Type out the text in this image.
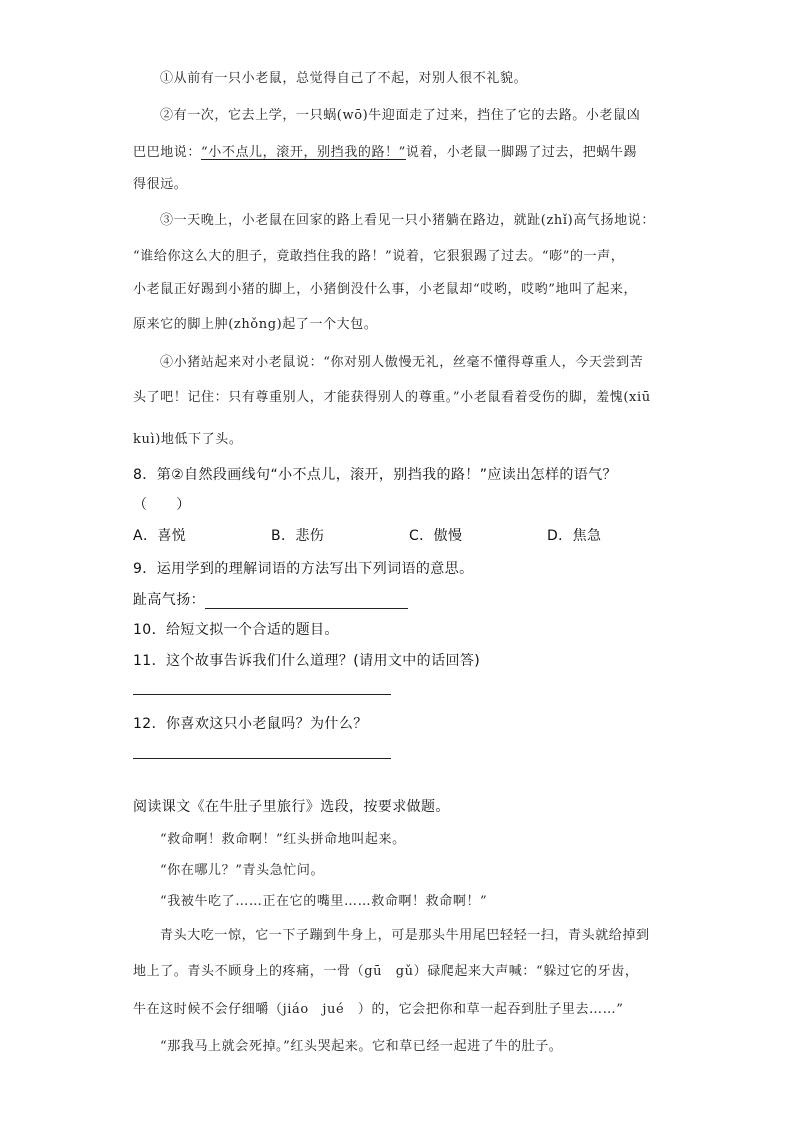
①从前有一只小老鼠，总觉得自己了不起，对别人很不礼貌。
②有一次，它去上学，一只蜗(wō)牛迎面走了过来，挡住了它的去路。小老鼠凶
巴巴地说：“小不点儿，滚开，别挡我的路！”说着，小老鼠一脚踢了过去，把蜗牛踢
得很远。
③一天晚上，小老鼠在回家的路上看见一只小猪躺在路边，就趾(zhǐ)高气扬地说：
“谁给你这么大的胆子，竟敢挡住我的路！”说着，它狠狠踢了过去。“嘭”的一声，
小老鼠正好踢到小猪的脚上，小猪倒没什么事，小老鼠却“哎哟，哎哟”地叫了起来，
原来它的脚上肿(zhǒng)起了一个大包。
④小猪站起来对小老鼠说：“你对别人傲慢无礼，丝毫不懂得尊重人，今天尝到苦
头了吧！记住：只有尊重别人，才能获得别人的尊重。”小老鼠看着受伤的脚，羞愧(xiū
kuì)地低下了头。
8．第②自然段画线句“小不点儿，滚开，别挡我的路！”应读出怎样的语气？
（　　）
A．喜悦	B．悲伤	C．傲慢	D．焦急
9．运用学到的理解词语的方法写出下列词语的意思。
趾高气扬：
10．给短文拟一个合适的题目。
11．这个故事告诉我们什么道理？(请用文中的话回答)
12．你喜欢这只小老鼠吗？为什么？
阅读课文《在牛肚子里旅行》选段，按要求做题。
“救命啊！救命啊！”红头拼命地叫起来。
“你在哪儿？”青头急忙问。
“我被牛吃了……正在它的嘴里……救命啊！救命啊！”
青头大吃一惊，它一下子蹦到牛身上，可是那头牛用尾巴轻轻一扫，青头就给掉到
地上了。青头不顾身上的疼痛，一骨（gū　gǔ）碌爬起来大声喊：“躲过它的牙齿，
牛在这时候不会仔细嚼（jiáo　jué　）的，它会把你和草一起吞到肚子里去……”
“那我马上就会死掉。”红头哭起来。它和草已经一起进了牛的肚子。
